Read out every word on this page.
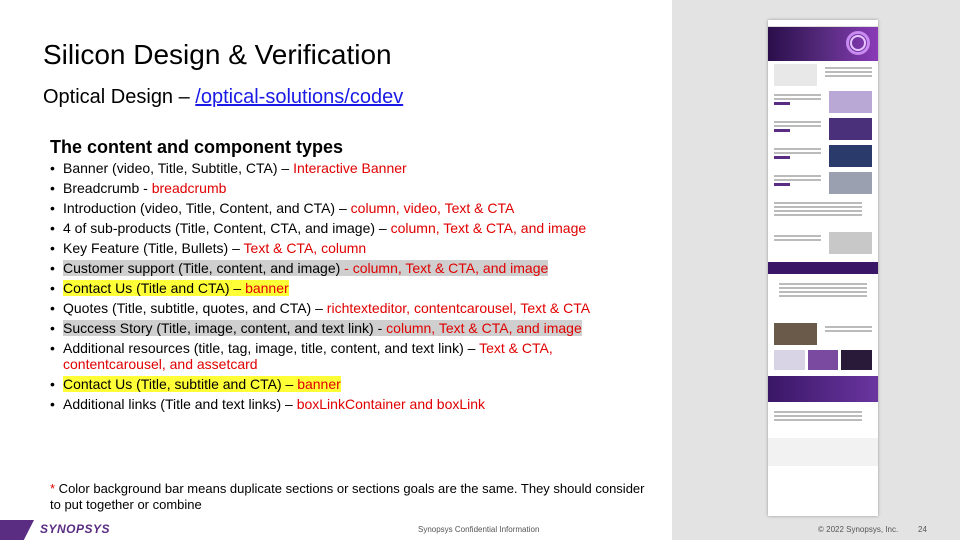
Silicon Design & Verification
Optical Design – /optical-solutions/codev
The content and component types
• Banner (video, Title, Subtitle, CTA) – Interactive Banner
• Breadcrumb - breadcrumb
• Introduction (video, Title, Content, and CTA) – column, video, Text & CTA
• 4 of sub-products (Title, Content, CTA, and image) – column, Text & CTA, and image
• Key Feature (Title, Bullets) – Text & CTA, column
• Customer support (Title, content, and image) - column, Text & CTA, and image
• Contact Us (Title and CTA) – banner
• Quotes (Title, subtitle, quotes, and CTA) – richtexteditor, contentcarousel, Text & CTA
• Success Story (Title, image, content, and text link) - column, Text & CTA, and image
• Additional resources (title, tag, image, title, content, and text link) – Text & CTA, contentcarousel, and assetcard
• Contact Us (Title, subtitle and CTA) – banner
• Additional links (Title and text links) – boxLinkContainer and boxLink
* Color background bar means duplicate sections or sections goals are the same. They should consider to put together or combine
SYNOPSYS	Synopsys Confidential Information	© 2022 Synopsys, Inc. 24
